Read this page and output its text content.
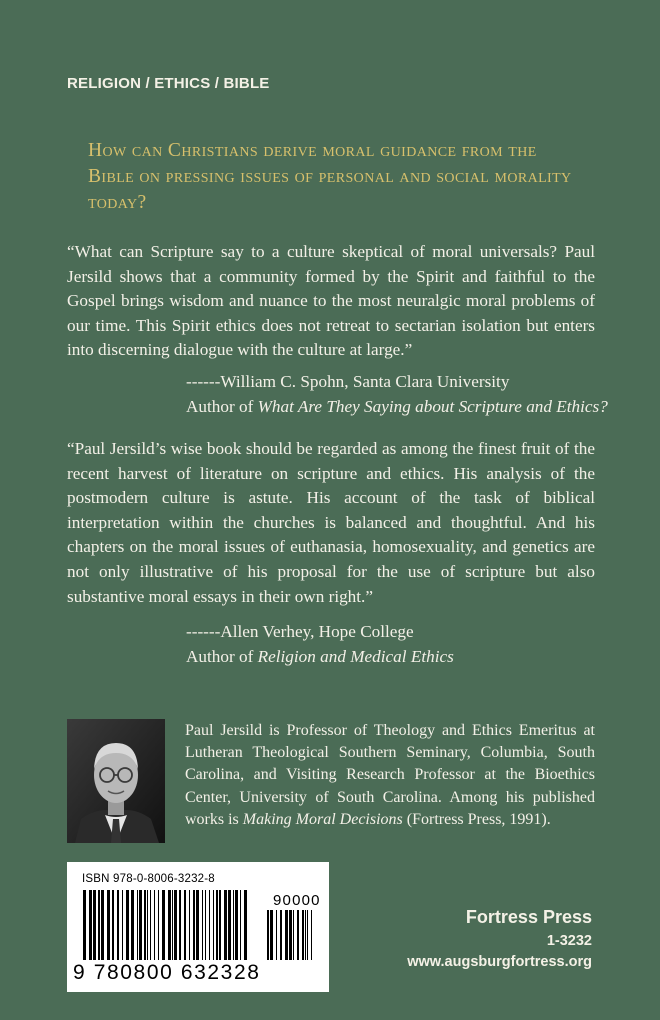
RELIGION / ETHICS / BIBLE
How can Christians derive moral guidance from the Bible on pressing issues of personal and social morality today?
“What can Scripture say to a culture skeptical of moral universals? Paul Jersild shows that a community formed by the Spirit and faithful to the Gospel brings wisdom and nuance to the most neuralgic moral problems of our time. This Spirit ethics does not retreat to sectarian isolation but enters into discerning dialogue with the culture at large.”
------William C. Spohn, Santa Clara University
Author of What Are They Saying about Scripture and Ethics?
“Paul Jersild’s wise book should be regarded as among the finest fruit of the recent harvest of literature on scripture and ethics. His analysis of the postmodern culture is astute. His account of the task of biblical interpretation within the churches is balanced and thoughtful. And his chapters on the moral issues of euthanasia, homosexuality, and genetics are not only illustrative of his proposal for the use of scripture but also substantive moral essays in their own right.”
------Allen Verhey, Hope College
Author of Religion and Medical Ethics
Paul Jersild is Professor of Theology and Ethics Emeritus at Lutheran Theological Southern Seminary, Columbia, South Carolina, and Visiting Research Professor at the Bioethics Center, University of South Carolina. Among his published works is Making Moral Decisions (Fortress Press, 1991).
ISBN 978-0-8006-3232-8
90000
9 780800 632328
Fortress Press
1-3232
www.augsburgfortress.org
